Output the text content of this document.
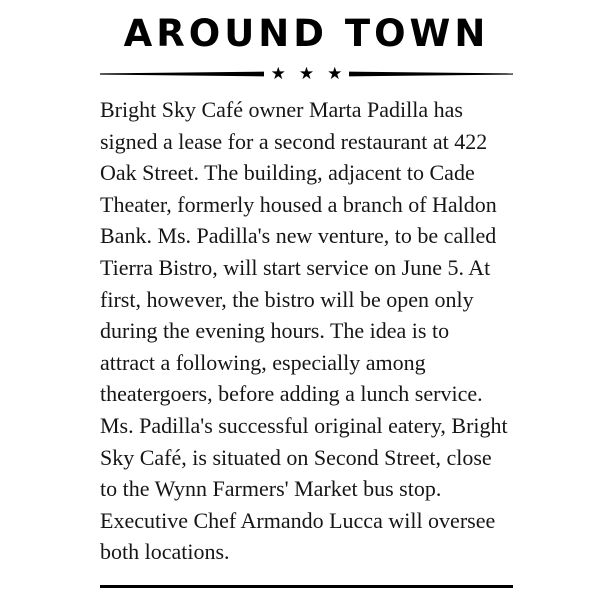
AROUND TOWN
★ ★ ★
Bright Sky Café owner Marta Padilla has
signed a lease for a second restaurant at 422
Oak Street. The building, adjacent to Cade
Theater, formerly housed a branch of Haldon
Bank. Ms. Padilla's new venture, to be called
Tierra Bistro, will start service on June 5. At
first, however, the bistro will be open only
during the evening hours. The idea is to
attract a following, especially among
theatergoers, before adding a lunch service.
Ms. Padilla's successful original eatery, Bright
Sky Café, is situated on Second Street, close
to the Wynn Farmers' Market bus stop.
Executive Chef Armando Lucca will oversee
both locations.
